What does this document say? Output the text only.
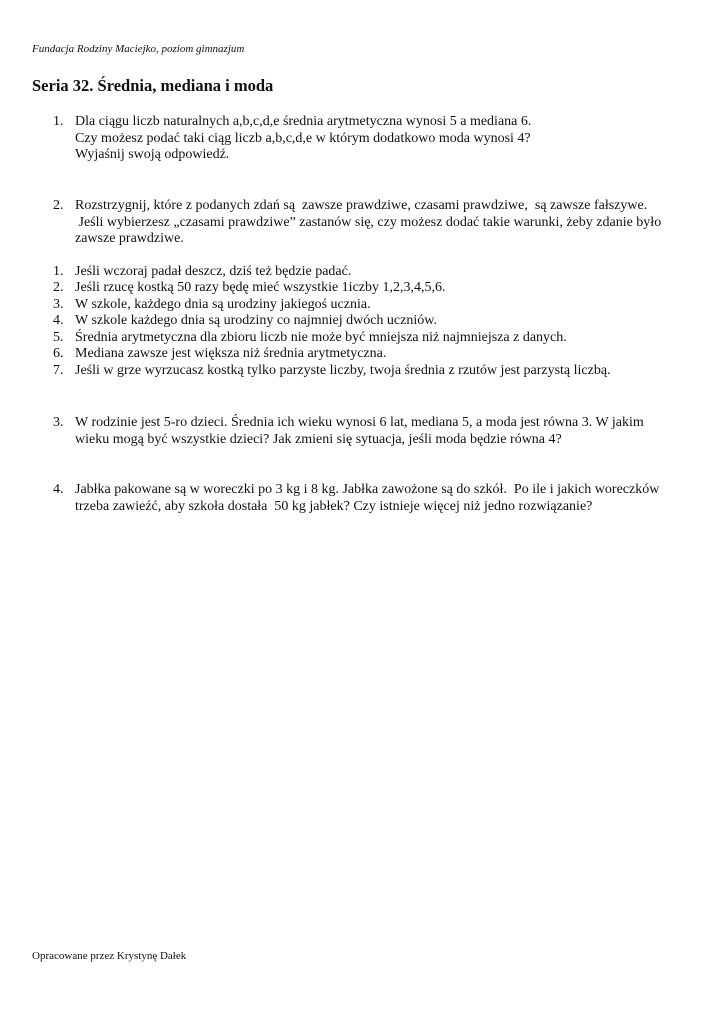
Fundacja Rodziny Maciejko, poziom gimnazjum
Seria 32. Średnia, mediana i moda
1. Dla ciągu liczb naturalnych a,b,c,d,e średnia arytmetyczna wynosi 5 a mediana 6.

Czy możesz podać taki ciąg liczb a,b,c,d,e w którym dodatkowo moda wynosi 4?

Wyjaśnij swoją odpowiedź.

2. Rozstrzygnij, które z podanych zdań są  zawsze prawdziwe, czasami prawdziwe,  są zawsze fałszywe.

Jeśli wybierzesz „czasami prawdziwe” zastanów się, czy możesz dodać takie warunki, żeby zdanie było

zawsze prawdziwe.

1. Jeśli wczoraj padał deszcz, dziś też będzie padać.
2. Jeśli rzucę kostką 50 razy będę mieć wszystkie 1iczby 1,2,3,4,5,6.
3. W szkole, każdego dnia są urodziny jakiegoś ucznia.
4. W szkole każdego dnia są urodziny co najmniej dwóch uczniów.
5. Średnia arytmetyczna dla zbioru liczb nie może być mniejsza niż najmniejsza z danych.
6. Mediana zawsze jest większa niż średnia arytmetyczna.
7. Jeśli w grze wyrzucasz kostką tylko parzyste liczby, twoja średnia z rzutów jest parzystą liczbą.
3. W rodzinie jest 5-ro dzieci. Średnia ich wieku wynosi 6 lat, mediana 5, a moda jest równa 3. W jakim

wieku mogą być wszystkie dzieci? Jak zmieni się sytuacja, jeśli moda będzie równa 4?

4. Jabłka pakowane są w woreczki po 3 kg i 8 kg. Jabłka zawożone są do szkół.  Po ile i jakich woreczków

trzeba zawieźć, aby szkoła dostała  50 kg jabłek? Czy istnieje więcej niż jedno rozwiązanie?

Opracowane przez Krystynę Dałek
